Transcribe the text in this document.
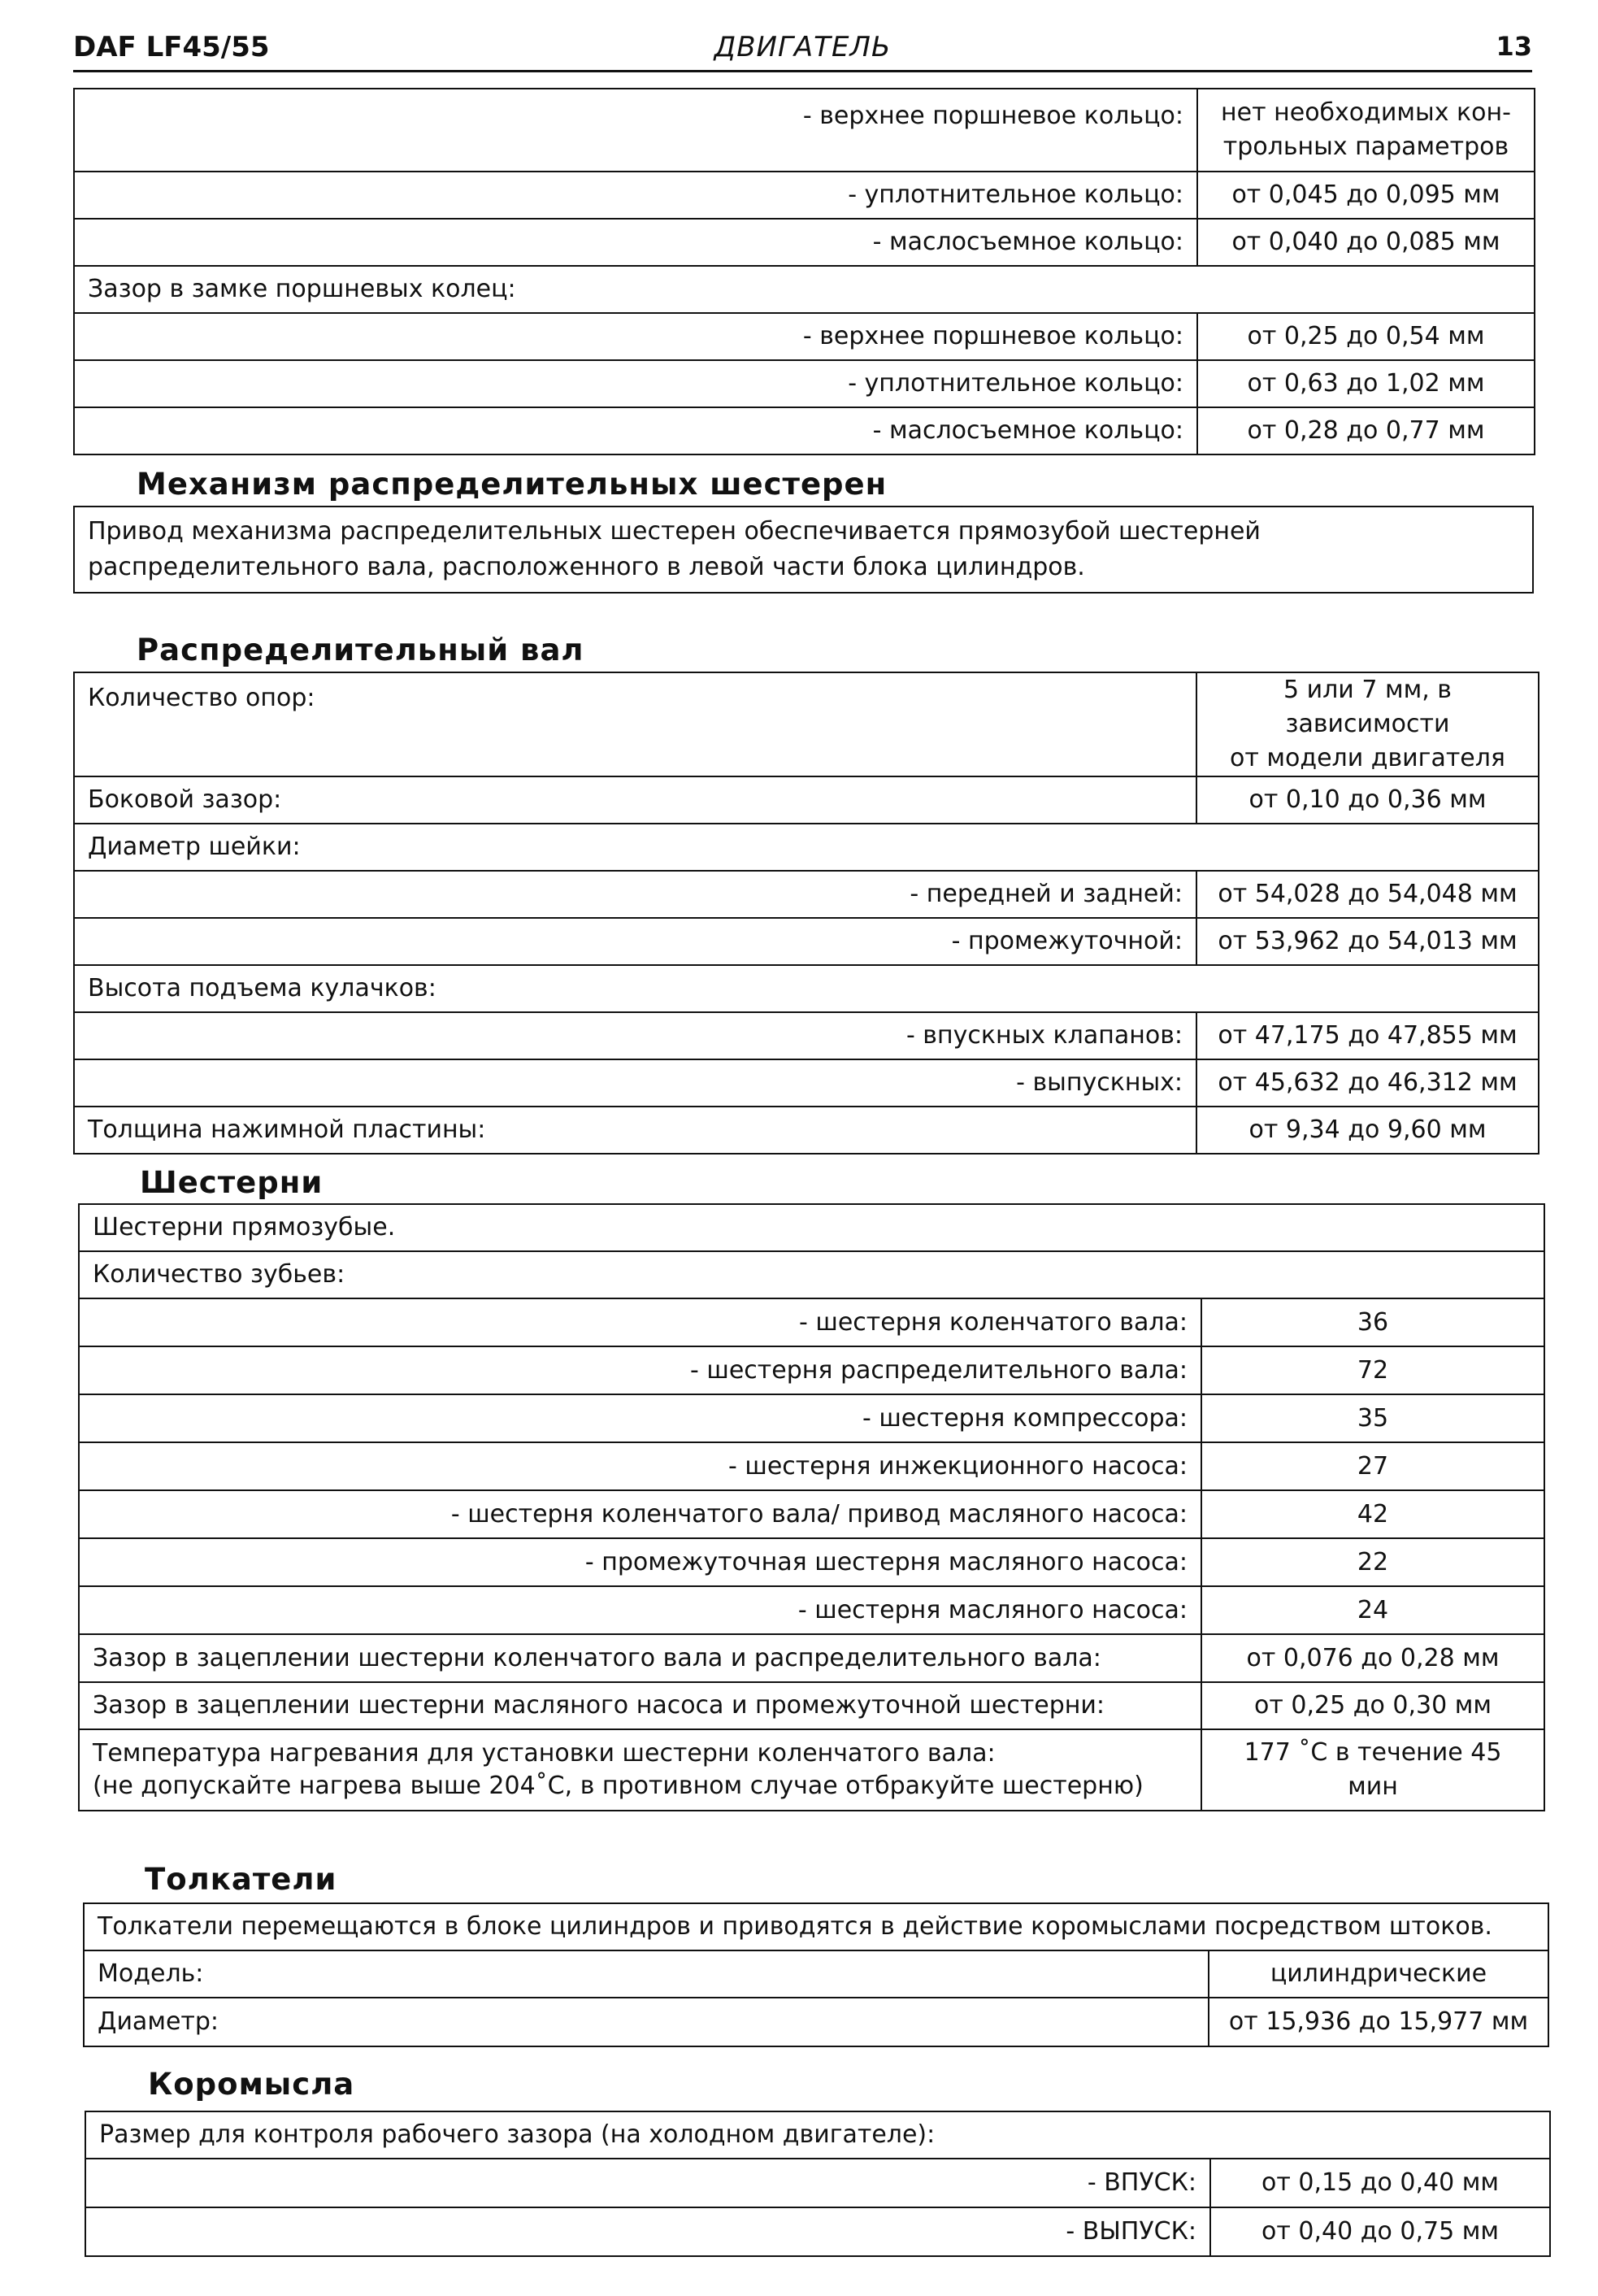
DAF LF45/55	ДВИГАТЕЛЬ	13
- верхнее поршневое кольцо:	нет необходимых кон-
трольных параметров
- уплотнительное кольцо:	от 0,045 до 0,095 мм
- маслосъемное кольцо:	от 0,040 до 0,085 мм
Зазор в замке поршневых колец:	
- верхнее поршневое кольцо:	от 0,25 до 0,54 мм
- уплотнительное кольцо:	от 0,63 до 1,02 мм
- маслосъемное кольцо:	от 0,28 до 0,77 мм
Механизм распределительных шестерен
Привод механизма распределительных шестерен обеспечивается прямозубой шестерней распределительного вала, расположенного в левой части блока цилиндров.
Распределительный вал
Количество опор:	5 или 7 мм, в зависимости
от модели двигателя
Боковой зазор:	от 0,10 до 0,36 мм
Диаметр шейки:	
- передней и задней:	от 54,028 до 54,048 мм
- промежуточной:	от 53,962 до 54,013 мм
Высота подъема кулачков:	
- впускных клапанов:	от 47,175 до 47,855 мм
- выпускных:	от 45,632 до 46,312 мм
Толщина нажимной пластины:	от 9,34 до 9,60 мм
Шестерни
Шестерни прямозубые.	
Количество зубьев:	
- шестерня коленчатого вала:	36
- шестерня распределительного вала:	72
- шестерня компрессора:	35
- шестерня инжекционного насоса:	27
- шестерня коленчатого вала/ привод масляного насоса:	42
- промежуточная шестерня масляного насоса:	22
- шестерня масляного насоса:	24
Зазор в зацеплении шестерни коленчатого вала и распределительного вала:	от 0,076 до 0,28 мм
Зазор в зацеплении шестерни масляного насоса и промежуточной шестерни:	от 0,25 до 0,30 мм
Температура нагревания для установки шестерни коленчатого вала:
(не допускайте нагрева выше 204˚С, в противном случае отбракуйте шестерню)	177 ˚С в течение 45 мин
Толкатели
Толкатели перемещаются в блоке цилиндров и приводятся в действие коромыслами посредством штоков.	
Модель:	цилиндрические
Диаметр:	от 15,936 до 15,977 мм
Коромысла
Размер для контроля рабочего зазора (на холодном двигателе):	
- ВПУСК:	от 0,15 до 0,40 мм
- ВЫПУСК:	от 0,40 до 0,75 мм
